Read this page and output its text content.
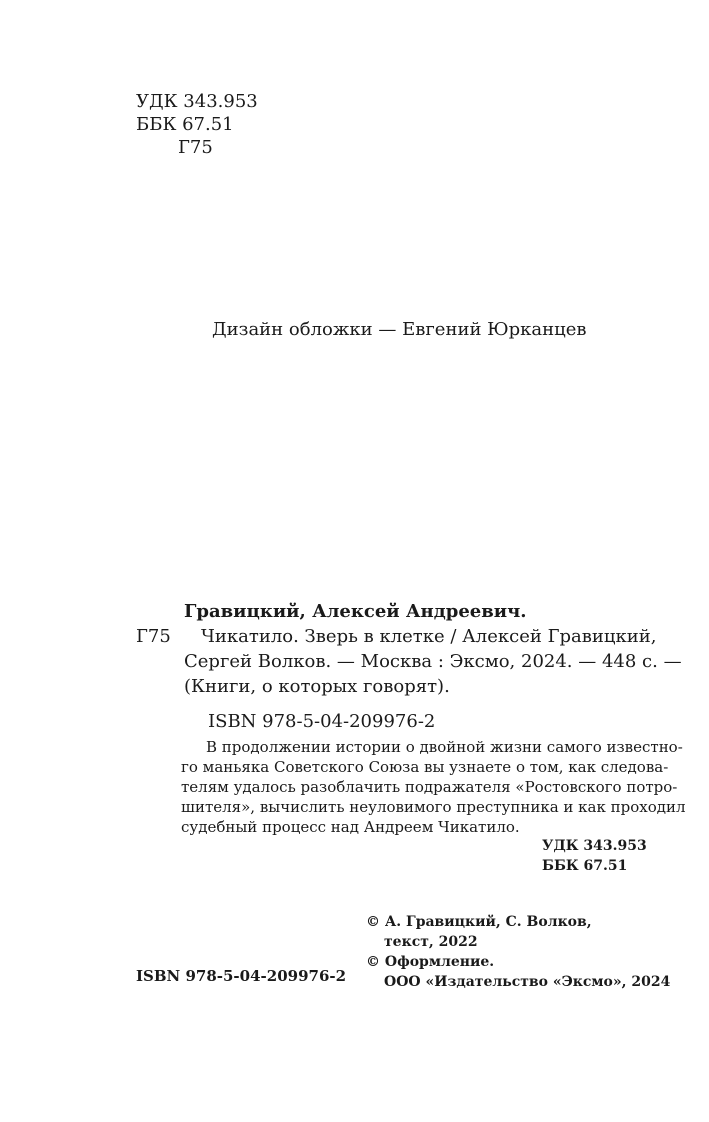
УДК 343.953
ББК 67.51
Г75
Дизайн обложки — Евгений Юрканцев
Гравицкий, Алексей Андреевич.
Г75 Чикатило. Зверь в клетке / Алексей Гравицкий,
Сергей Волков. — Москва : Эксмо, 2024. — 448 с. —
(Книги, о которых говорят).
ISBN 978-5-04-209976-2
В продолжении истории о двойной жизни самого известно-
го маньяка Советского Союза вы узнаете о том, как следова-
телям удалось разоблачить подражателя «Ростовского потро-
шителя», вычислить неуловимого преступника и как проходил
судебный процесс над Андреем Чикатило.
УДК 343.953
ББК 67.51
© А. Гравицкий, С. Волков,
текст, 2022
© Оформление.
ООО «Издательство «Эксмо», 2024
ISBN 978-5-04-209976-2
